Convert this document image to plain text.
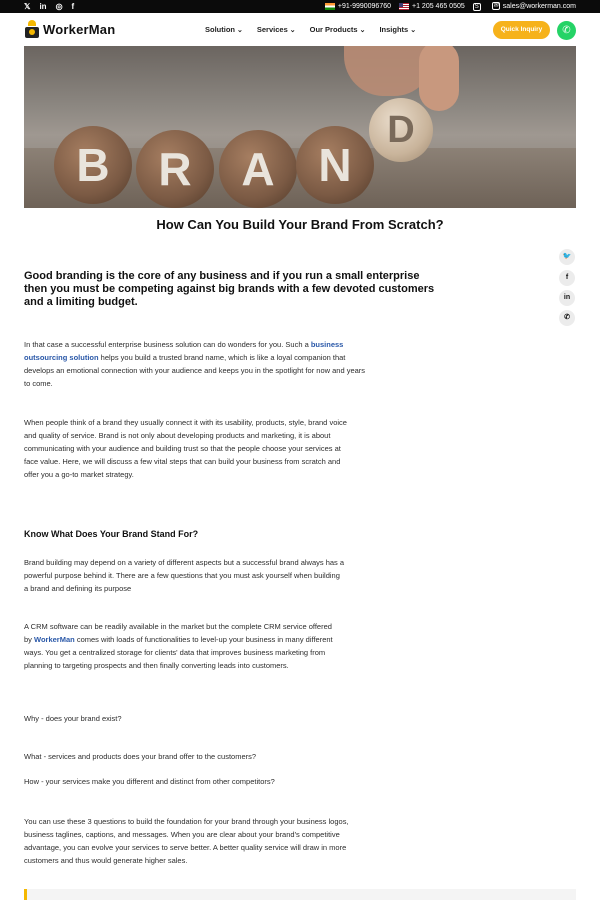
𝕏 in ◎ f	+91-9990096760	+1 205 465 0505	S	✉ sales@workerman.com
WorkerMan	Solution ⌄ Services ⌄ Our Products ⌄ Insights ⌄	Quick Inquiry	✆
B	R	A N
D
How Can You Build Your Brand From Scratch?
🐦
f
in
✆

Good branding is the core of any business and if you run a small enterprise then you must be competing against big brands with a few devoted customers and a limiting budget.

In that case a successful enterprise business solution can do wonders for you. Such a business outsourcing solution helps you build a trusted brand name, which is like a loyal companion that develops an emotional connection with your audience and keeps you in the spotlight for now and years to come.

When people think of a brand they usually connect it with its usability, products, style, brand voice and quality of service. Brand is not only about developing products and marketing, it is about communicating with your audience and building trust so that the people choose your services at face value. Here, we will discuss a few vital steps that can build your business from scratch and offer you a go-to market strategy.

Know What Does Your Brand Stand For?

Brand building may depend on a variety of different aspects but a successful brand always has a powerful purpose behind it. There are a few questions that you must ask yourself when building a brand and defining its purpose

A CRM software can be readily available in the market but the complete CRM service offered by WorkerMan comes with loads of functionalities to level-up your business in many different ways. You get a centralized storage for clients' data that improves business marketing from planning to targeting prospects and then finally converting leads into customers.

Why - does your brand exist?

What - services and products does your brand offer to the customers?

How - your services make you different and distinct from other competitors?

You can use these 3 questions to build the foundation for your brand through your business logos, business taglines, captions, and messages. When you are clear about your brand's competitive advantage, you can evolve your services to serve better. A better quality service will draw in more customers and thus would generate higher sales.
